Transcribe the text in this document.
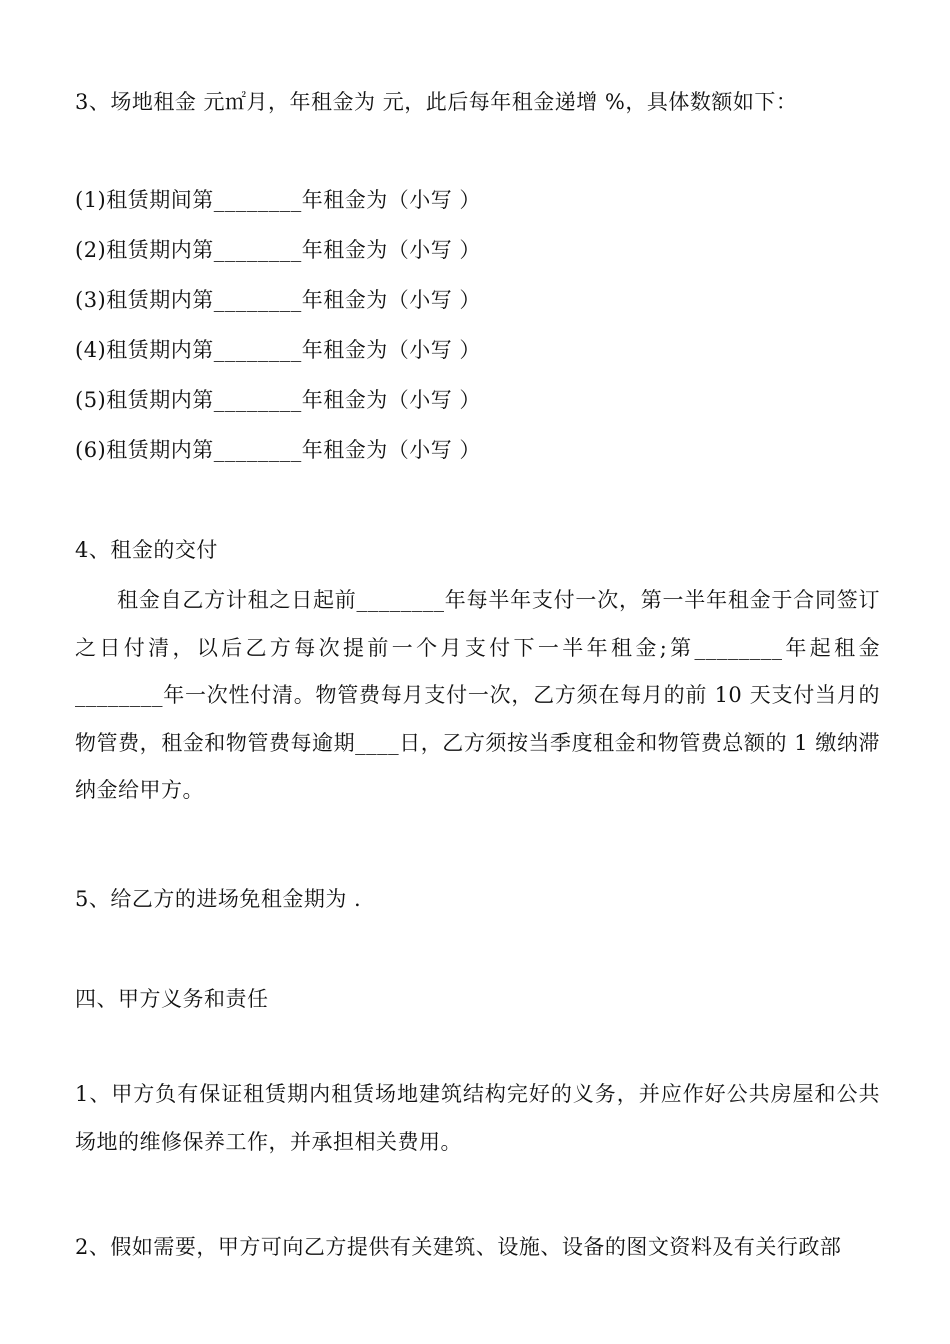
3、场地租金 元㎡月，年租金为 元，此后每年租金递增 %，具体数额如下：
(1)租赁期间第________年租金为（小写 ）
(2)租赁期内第________年租金为（小写 ）
(3)租赁期内第________年租金为（小写 ）
(4)租赁期内第________年租金为（小写 ）
(5)租赁期内第________年租金为（小写 ）
(6)租赁期内第________年租金为（小写 ）
4、租金的交付
租金自乙方计租之日起前________年每半年支付一次，第一半年租金于合同签订之日付清，以后乙方每次提前一个月支付下一半年租金;第________年起租金________年一次性付清。物管费每月支付一次，乙方须在每月的前 10 天支付当月的物管费，租金和物管费每逾期____日，乙方须按当季度租金和物管费总额的 1 缴纳滞纳金给甲方。
5、给乙方的进场免租金期为 .
四、甲方义务和责任
1、甲方负有保证租赁期内租赁场地建筑结构完好的义务，并应作好公共房屋和公共场地的维修保养工作，并承担相关费用。
2、假如需要，甲方可向乙方提供有关建筑、设施、设备的图文资料及有关行政部
